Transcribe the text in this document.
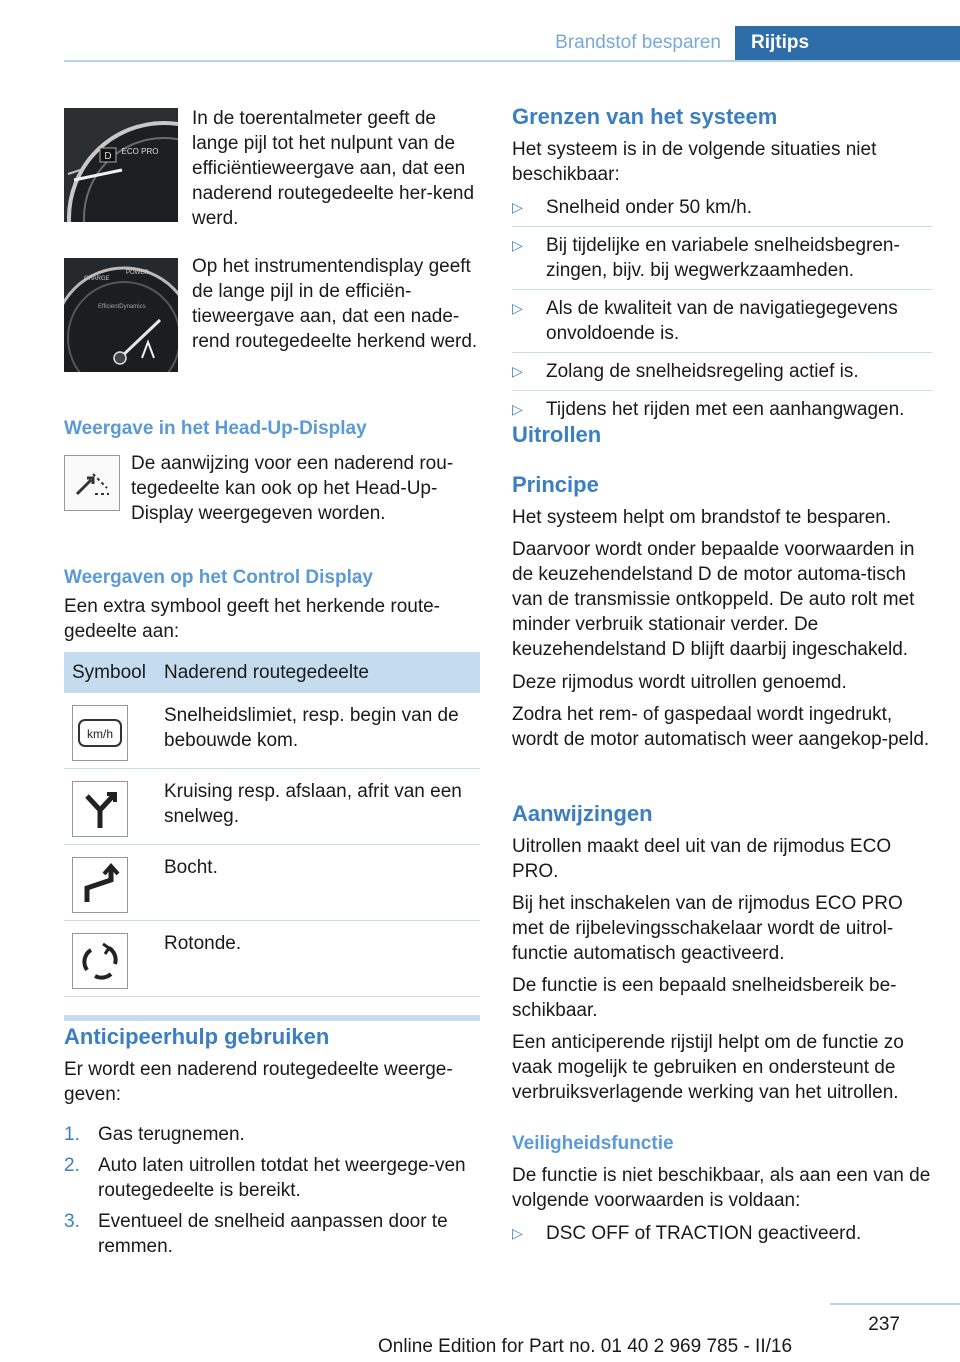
Brandstof besparen	Rijtips
D ECO PRO
In de toerentalmeter geeft de lange pijl tot het nulpunt van de efficiëntieweergave aan, dat een naderend routegedeelte her-kend werd.
CHARGE
POWER
EfficientDynamics
Op het instrumentendisplay geeft de lange pijl in de efficiën-tieweergave aan, dat een nade-rend routegedeelte herkend werd.
Weergave in het Head-Up-Display
De aanwijzing voor een naderend rou-tegedeelte kan ook op het Head-Up-Display weergegeven worden.
Weergaven op het Control Display
Een extra symbool geeft het herkende route-gedeelte aan:
Symbool Naderend routegedeelte
km/h
Snelheidslimiet, resp. begin van de bebouwde kom.
Kruising resp. afslaan, afrit van een snelweg.
Bocht.
Rotonde.
Anticipeerhulp gebruiken
Er wordt een naderend routegedeelte weerge-geven:
1. Gas terugnemen.
2. Auto laten uitrollen totdat het weergege-ven routegedeelte is bereikt.
3. Eventueel de snelheid aanpassen door te remmen.
Grenzen van het systeem
Het systeem is in de volgende situaties niet beschikbaar:
▷ Snelheid onder 50 km/h.
▷ Bij tijdelijke en variabele snelheidsbegren-zingen, bijv. bij wegwerkzaamheden.
▷ Als de kwaliteit van de navigatiegegevens onvoldoende is.
▷ Zolang de snelheidsregeling actief is.
▷ Tijdens het rijden met een aanhangwagen.
Uitrollen
Principe
Het systeem helpt om brandstof te besparen.
Daarvoor wordt onder bepaalde voorwaarden in de keuzehendelstand D de motor automa-tisch van de transmissie ontkoppeld. De auto rolt met minder verbruik stationair verder. De keuzehendelstand D blijft daarbij ingeschakeld.
Deze rijmodus wordt uitrollen genoemd.
Zodra het rem- of gaspedaal wordt ingedrukt, wordt de motor automatisch weer aangekop-peld.
Aanwijzingen
Uitrollen maakt deel uit van de rijmodus ECO PRO.
Bij het inschakelen van de rijmodus ECO PRO met de rijbelevingsschakelaar wordt de uitrol-functie automatisch geactiveerd.
De functie is een bepaald snelheidsbereik be-schikbaar.
Een anticiperende rijstijl helpt om de functie zo vaak mogelijk te gebruiken en ondersteunt de verbruiksverlagende werking van het uitrollen.
Veiligheidsfunctie
De functie is niet beschikbaar, als aan een van de volgende voorwaarden is voldaan:
▷ DSC OFF of TRACTION geactiveerd.
237
Online Edition for Part no. 01 40 2 969 785 - II/16
